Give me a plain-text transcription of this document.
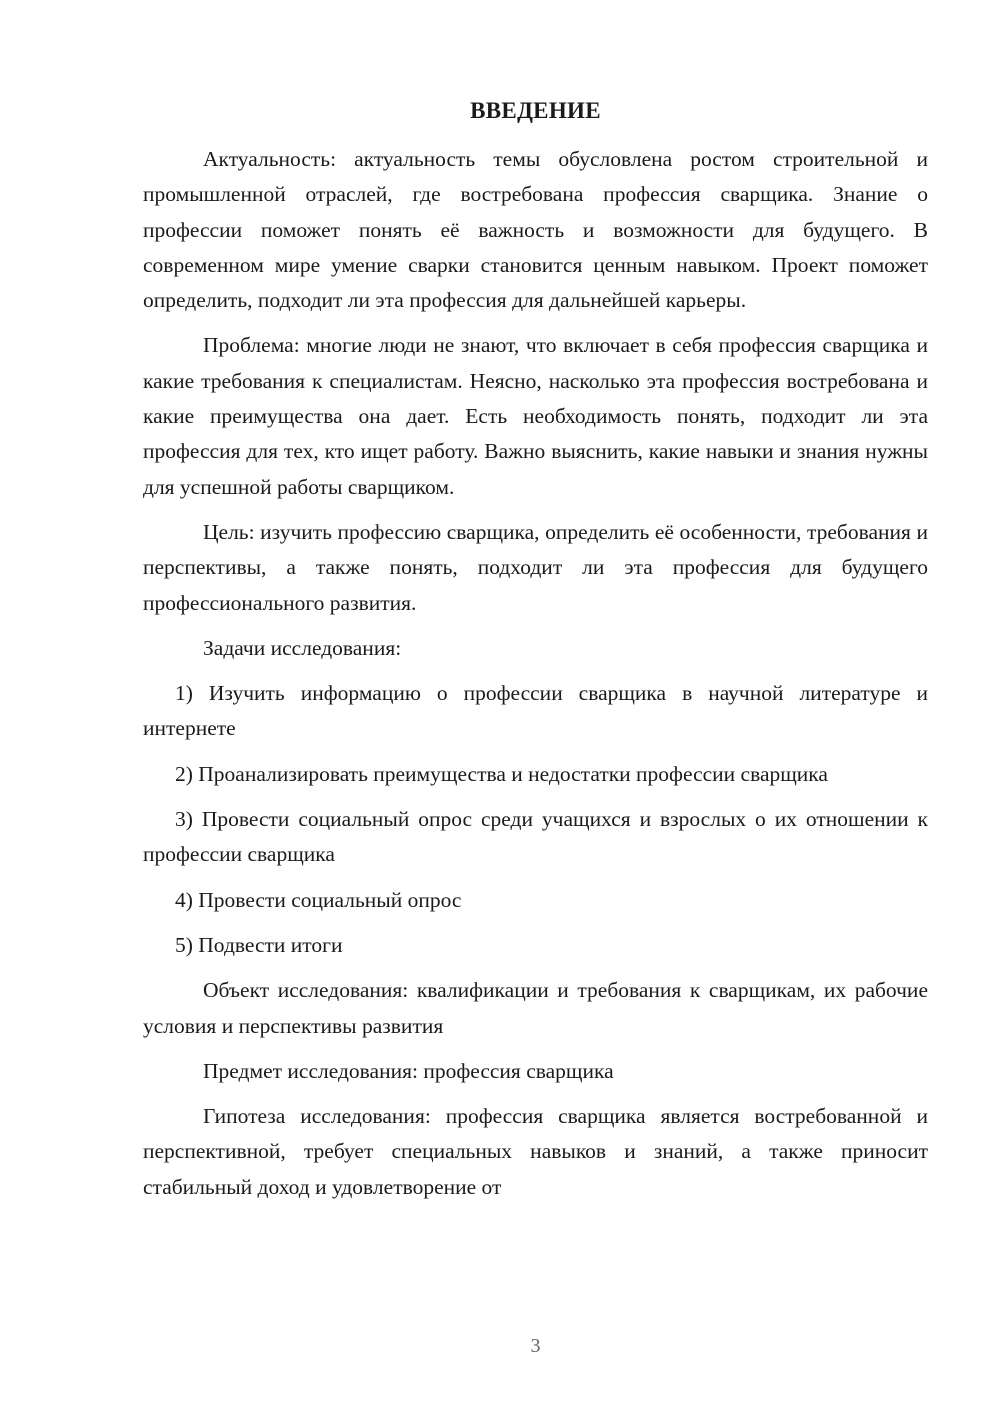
ВВЕДЕНИЕ

Актуальность: актуальность темы обусловлена ростом строительной и промышленной отраслей, где востребована профессия сварщика. Знание о профессии поможет понять её важность и возможности для будущего. В современном мире умение сварки становится ценным навыком. Проект поможет определить, подходит ли эта профессия для дальнейшей карьеры.

Проблема: многие люди не знают, что включает в себя профессия сварщика и какие требования к специалистам. Неясно, насколько эта профессия востребована и какие преимущества она дает. Есть необходимость понять, подходит ли эта профессия для тех, кто ищет работу. Важно выяснить, какие навыки и знания нужны для успешной работы сварщиком.

Цель: изучить профессию сварщика, определить её особенности, требования и перспективы, а также понять, подходит ли эта профессия для будущего профессионального развития.

Задачи исследования:

1) Изучить информацию о профессии сварщика в научной литературе и интернете

2) Проанализировать преимущества и недостатки профессии сварщика

3) Провести социальный опрос среди учащихся и взрослых о их отношении к профессии сварщика

4) Провести социальный опрос

5) Подвести итоги

Объект исследования: квалификации и требования к сварщикам, их рабочие условия и перспективы развития

Предмет исследования: профессия сварщика

Гипотеза исследования: профессия сварщика является востребованной и перспективной, требует специальных навыков и знаний, а также приносит стабильный доход и удовлетворение от

3
